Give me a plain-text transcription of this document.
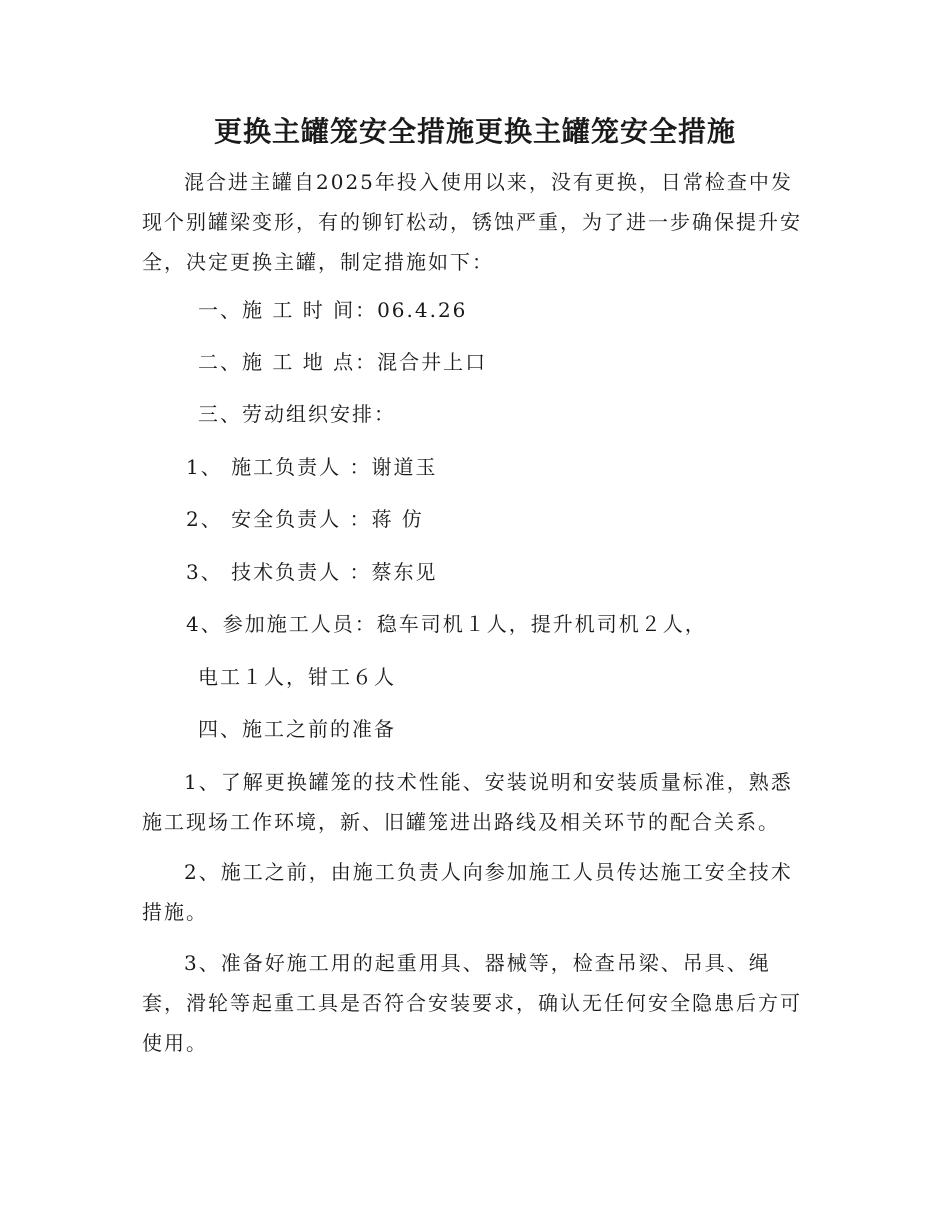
更换主罐笼安全措施更换主罐笼安全措施

混合进主罐自2025年投入使用以来，没有更换，日常检查中发现个别罐梁变形，有的铆钉松动，锈蚀严重，为了进一步确保提升安全，决定更换主罐，制定措施如下：

一、施 工 时 间：06.4.26

二、施 工 地 点：混合井上口

三、劳动组织安排：

1、 施工负责人 ：谢道玉

2、 安全负责人 ：蒋 仿

3、 技术负责人 ：蔡东见

4、参加施工人员：稳车司机１人，提升机司机２人，

电工１人，钳工６人

四、施工之前的准备

1、了解更换罐笼的技术性能、安装说明和安装质量标准，熟悉施工现场工作环境，新、旧罐笼进出路线及相关环节的配合关系。

2、施工之前，由施工负责人向参加施工人员传达施工安全技术措施。

3、准备好施工用的起重用具、器械等，检查吊梁、吊具、绳套，滑轮等起重工具是否符合安装要求，确认无任何安全隐患后方可使用。
